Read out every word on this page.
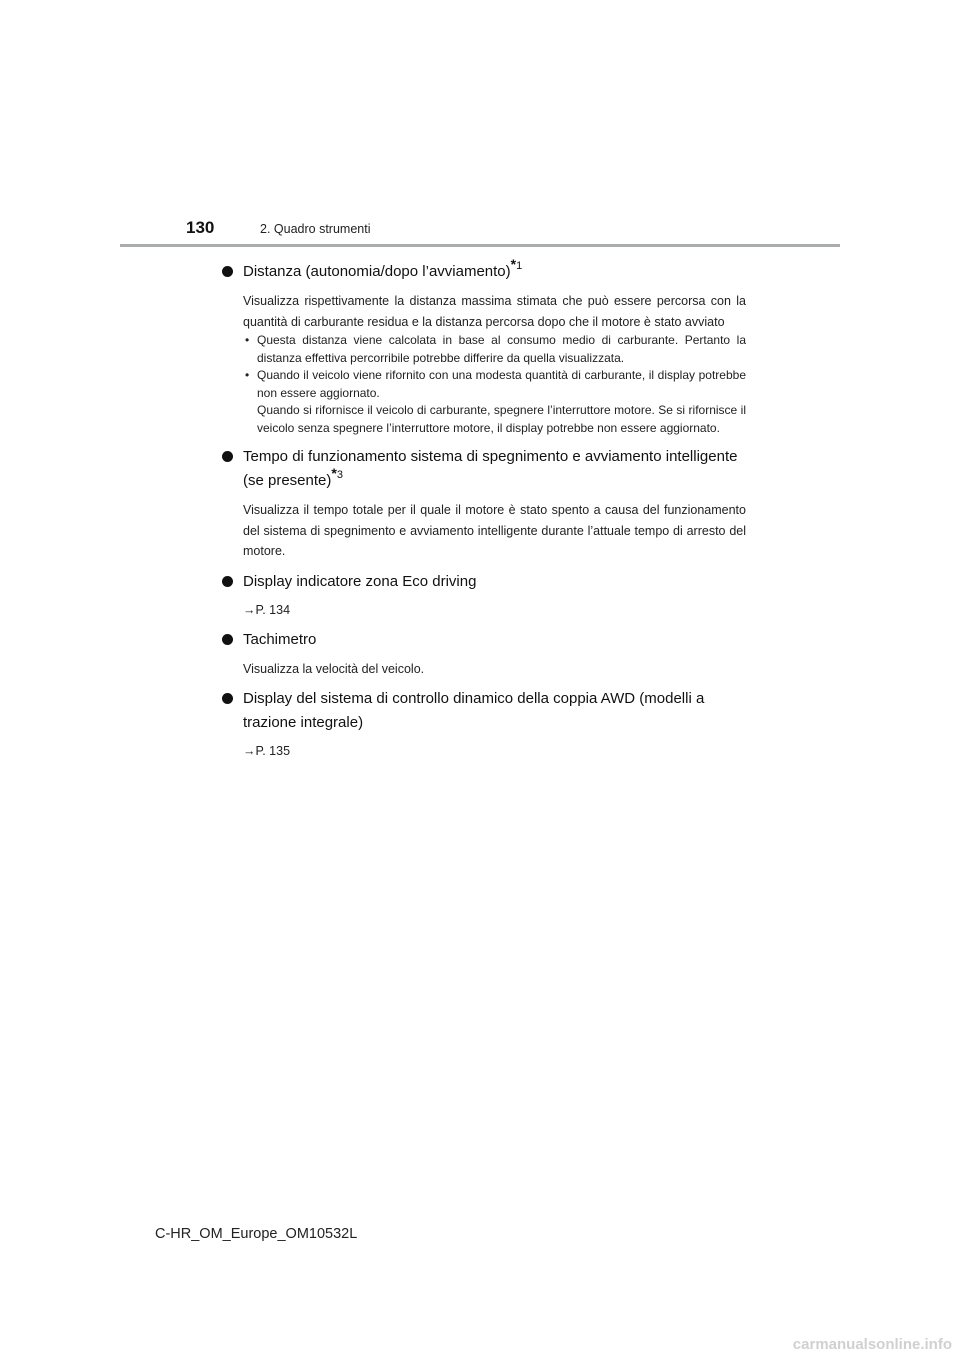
130	2. Quadro strumenti
Distanza (autonomia/dopo l’avviamento)$^{*1}$
Visualizza rispettivamente la distanza massima stimata che può essere percorsa con la quantità di carburante residua e la distanza percorsa dopo che il motore è stato avviato
• Questa distanza viene calcolata in base al consumo medio di carburante. Pertanto la distanza effettiva percorribile potrebbe differire da quella visualizzata.
• Quando il veicolo viene rifornito con una modesta quantità di carburante, il display potrebbe non essere aggiornato.
Quando si rifornisce il veicolo di carburante, spegnere l’interruttore motore. Se si rifornisce il veicolo senza spegnere l’interruttore motore, il display potrebbe non essere aggiornato.
Tempo di funzionamento sistema di spegnimento e avviamento intelligente (se presente)$^{*3}$
Visualizza il tempo totale per il quale il motore è stato spento a causa del funzionamento del sistema di spegnimento e avviamento intelligente durante l’attuale tempo di arresto del motore.
Display indicatore zona Eco driving
→P. 134
Tachimetro
Visualizza la velocità del veicolo.
Display del sistema di controllo dinamico della coppia AWD (modelli a trazione integrale)
→P. 135
C-HR_OM_Europe_OM10532L
carmanualsonline.info
